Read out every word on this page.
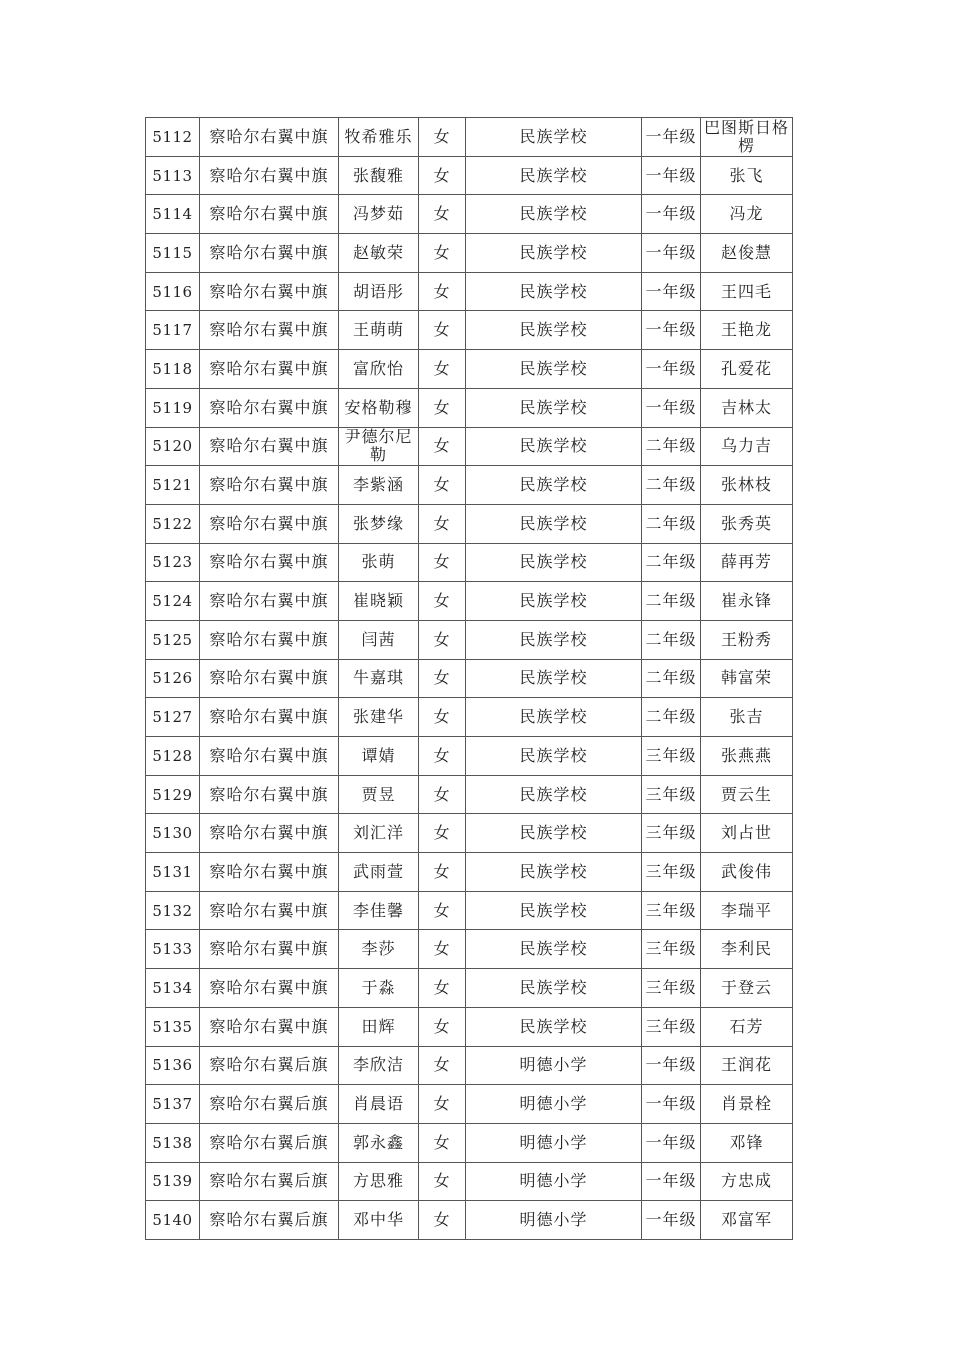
5112	察哈尔右翼中旗	牧希雅乐	女	民族学校	一年级	巴图斯日格楞
5113	察哈尔右翼中旗	张馥雅	女	民族学校	一年级	张飞
5114	察哈尔右翼中旗	冯梦茹	女	民族学校	一年级	冯龙
5115	察哈尔右翼中旗	赵敏荣	女	民族学校	一年级	赵俊慧
5116	察哈尔右翼中旗	胡语彤	女	民族学校	一年级	王四毛
5117	察哈尔右翼中旗	王萌萌	女	民族学校	一年级	王艳龙
5118	察哈尔右翼中旗	富欣怡	女	民族学校	一年级	孔爱花
5119	察哈尔右翼中旗	安格勒穆	女	民族学校	一年级	吉林太
5120	察哈尔右翼中旗	尹德尔尼勒	女	民族学校	二年级	乌力吉
5121	察哈尔右翼中旗	李紫涵	女	民族学校	二年级	张林枝
5122	察哈尔右翼中旗	张梦缘	女	民族学校	二年级	张秀英
5123	察哈尔右翼中旗	张萌	女	民族学校	二年级	薛再芳
5124	察哈尔右翼中旗	崔晓颖	女	民族学校	二年级	崔永锋
5125	察哈尔右翼中旗	闫茜	女	民族学校	二年级	王粉秀
5126	察哈尔右翼中旗	牛嘉琪	女	民族学校	二年级	韩富荣
5127	察哈尔右翼中旗	张建华	女	民族学校	二年级	张吉
5128	察哈尔右翼中旗	谭婧	女	民族学校	三年级	张燕燕
5129	察哈尔右翼中旗	贾昱	女	民族学校	三年级	贾云生
5130	察哈尔右翼中旗	刘汇洋	女	民族学校	三年级	刘占世
5131	察哈尔右翼中旗	武雨萱	女	民族学校	三年级	武俊伟
5132	察哈尔右翼中旗	李佳馨	女	民族学校	三年级	李瑞平
5133	察哈尔右翼中旗	李莎	女	民族学校	三年级	李利民
5134	察哈尔右翼中旗	于淼	女	民族学校	三年级	于登云
5135	察哈尔右翼中旗	田辉	女	民族学校	三年级	石芳
5136	察哈尔右翼后旗	李欣洁	女	明德小学	一年级	王润花
5137	察哈尔右翼后旗	肖晨语	女	明德小学	一年级	肖景栓
5138	察哈尔右翼后旗	郭永鑫	女	明德小学	一年级	邓锋
5139	察哈尔右翼后旗	方思雅	女	明德小学	一年级	方忠成
5140	察哈尔右翼后旗	邓中华	女	明德小学	一年级	邓富军
